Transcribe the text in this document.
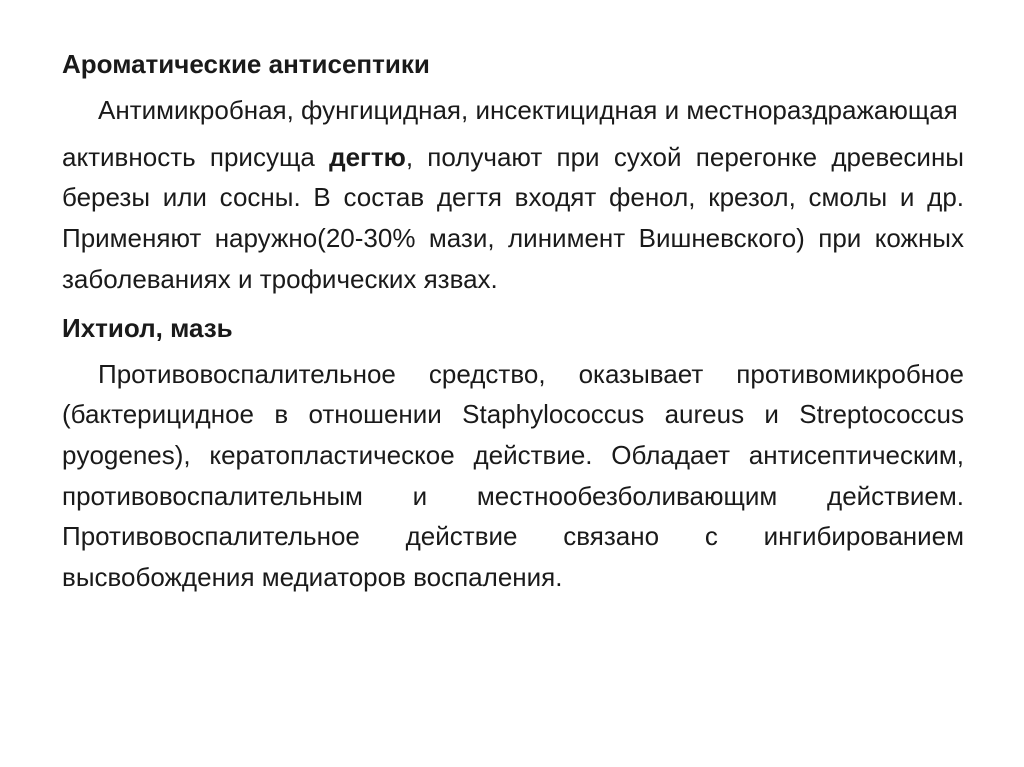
Ароматические антисептики

Антимикробная, фунгицидная, инсектицидная и местнораздражающая

активность присуща дегтю, получают при сухой перегонке древесины березы или сосны. В состав дегтя входят фенол, крезол, смолы и др. Применяют наружно(20-30% мази, линимент Вишневского) при кожных заболеваниях и трофических язвах.

Ихтиол, мазь

Противовоспалительное средство, оказывает противомикробное (бактерицидное в отношении Staphylococcus aureus и Streptococcus pyogenes), кератопластическое действие. Обладает антисептическим, противовоспалительным и местнообезболивающим действием. Противовоспалительное действие связано с ингибированием высвобождения медиаторов воспаления.
